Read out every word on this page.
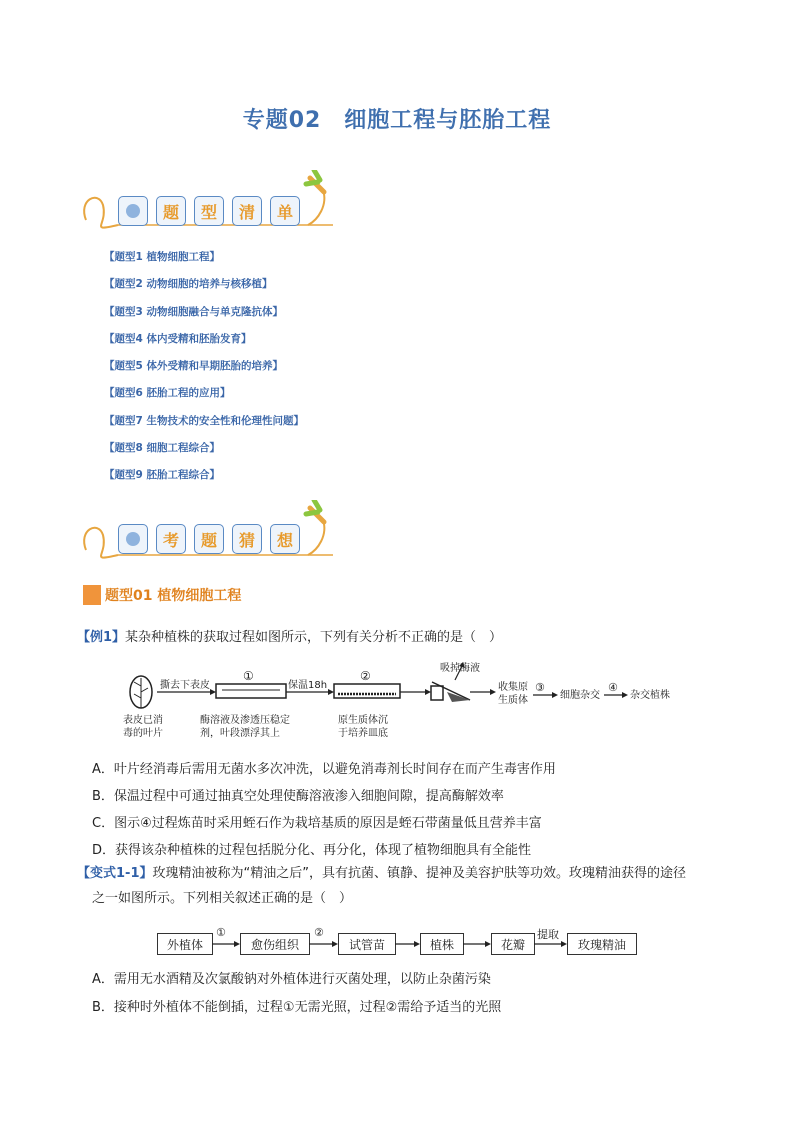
专题02　细胞工程与胚胎工程
题	型	清	单
【题型1 植物细胞工程】
【题型2 动物细胞的培养与核移植】
【题型3 动物细胞融合与单克隆抗体】
【题型4 体内受精和胚胎发育】
【题型5 体外受精和早期胚胎的培养】
【题型6 胚胎工程的应用】
【题型7 生物技术的安全性和伦理性问题】
【题型8 细胞工程综合】
【题型9 胚胎工程综合】
考	题	猜	想
题型01 植物细胞工程
【例1】某杂种植株的获取过程如图所示，下列有关分析不正确的是（　）
表皮已消
毒的叶片
撕去下表皮
①
保温18h
②
酶溶液及渗透压稳定
剂，叶段漂浮其上
原生质体沉
于培养皿底
吸掉酶液
收集原
生质体
③
细胞杂交
④
杂交植株
A．叶片经消毒后需用无菌水多次冲洗，以避免消毒剂长时间存在而产生毒害作用
B．保温过程中可通过抽真空处理使酶溶液渗入细胞间隙，提高酶解效率
C．图示④过程炼苗时采用蛭石作为栽培基质的原因是蛭石带菌量低且营养丰富
D．获得该杂种植株的过程包括脱分化、再分化，体现了植物细胞具有全能性
【变式1-1】玫瑰精油被称为“精油之后”，具有抗菌、镇静、提神及美容护肤等功效。玫瑰精油获得的途径
之一如图所示。下列相关叙述正确的是（　）
外植体	愈伤组织	试管苗	植株	花瓣	玫瑰精油
①	②	提取
A．需用无水酒精及次氯酸钠对外植体进行灭菌处理，以防止杂菌污染
B．接种时外植体不能倒插，过程①无需光照，过程②需给予适当的光照
